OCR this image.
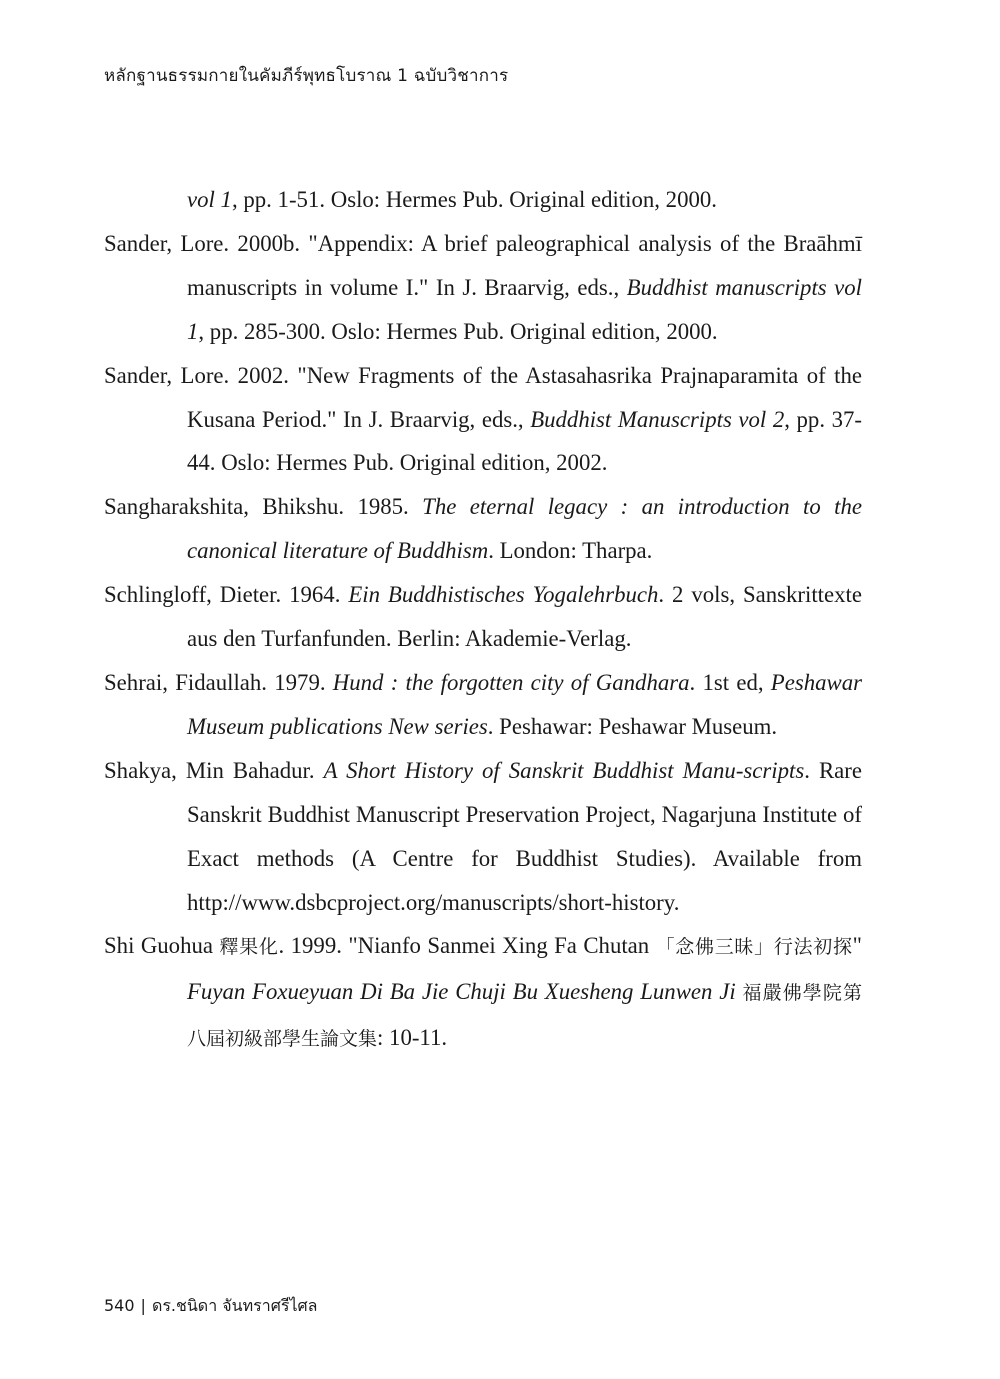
หลักฐานธรรมกายในคัมภีร์พุทธโบราณ 1 ฉบับวิชาการ

vol 1, pp. 1-51. Oslo: Hermes Pub. Original edition, 2000.

Sander, Lore. 2000b. "Appendix: A brief paleographical analysis of the Braāhmī manuscripts in volume I." In J. Braarvig, eds., Buddhist manuscripts vol 1, pp. 285-300. Oslo: Hermes Pub. Original edition, 2000.

Sander, Lore. 2002. "New Fragments of the Astasahasrika Prajnaparamita of the Kusana Period." In J. Braarvig, eds., Buddhist Manuscripts vol 2, pp. 37-44. Oslo: Hermes Pub. Original edition, 2002.

Sangharakshita, Bhikshu. 1985. The eternal legacy : an introduction to the canonical literature of Buddhism. London: Tharpa.

Schlingloff, Dieter. 1964. Ein Buddhistisches Yogalehrbuch. 2 vols, Sanskrittexte aus den Turfanfunden. Berlin: Akademie-Verlag.

Sehrai, Fidaullah. 1979. Hund : the forgotten city of Gandhara. 1st ed, Peshawar Museum publications New series. Peshawar: Peshawar Museum.

Shakya, Min Bahadur. A Short History of Sanskrit Buddhist Manu-scripts. Rare Sanskrit Buddhist Manuscript Preservation Project, Nagarjuna Institute of Exact methods (A Centre for Buddhist Studies). Available from http://www.dsbcproject.org/manuscripts/short-history.

Shi Guohua 釋果化. 1999. "Nianfo Sanmei Xing Fa Chutan 「念佛三昧」行法初探" Fuyan Foxueyuan Di Ba Jie Chuji Bu Xuesheng Lunwen Ji 福嚴佛學院第八屆初級部學生論文集: 10-11.

540 | ดร.ชนิดา จันทราศรีไศล
